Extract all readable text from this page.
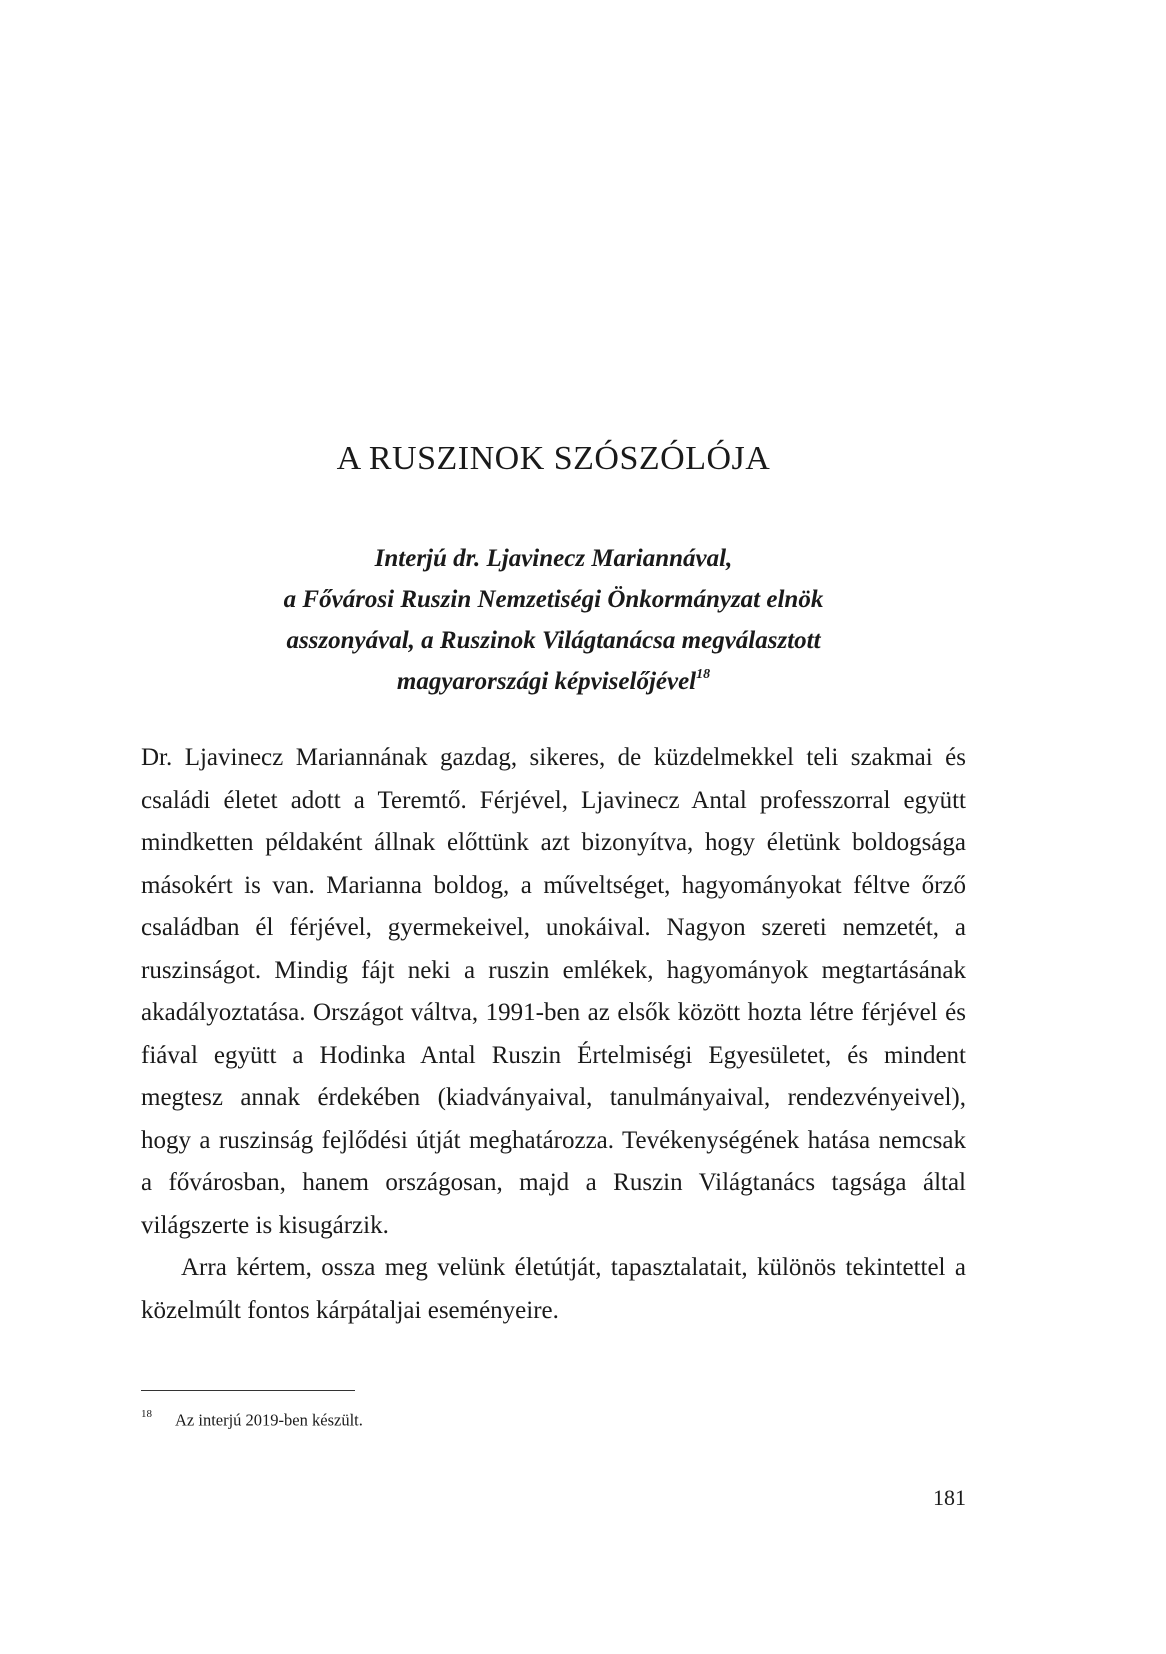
A RUSZINOK SZÓSZÓLÓJA
Interjú dr. Ljavinecz Mariannával,
a Fővárosi Ruszin Nemzetiségi Önkormányzat elnök
asszonyával, a Ruszinok Világtanácsa megválasztott
magyarországi képviselőjével$^{18}$

Dr. Ljavinecz Mariannának gazdag, sikeres, de küzdelmekkel teli szakmai és családi életet adott a Teremtő. Férjével, Ljavinecz Antal professzorral együtt mindketten példaként állnak előttünk azt bizonyítva, hogy életünk boldogsága másokért is van. Marianna boldog, a műveltséget, hagyományokat féltve őrző családban él férjével, gyermekeivel, unokáival. Nagyon szereti nemzetét, a ruszinságot. Mindig fájt neki a ruszin emlékek, hagyományok megtartásának akadályoztatása. Országot váltva, 1991-ben az elsők között hozta létre férjével és fiával együtt a Hodinka Antal Ruszin Értelmiségi Egyesületet, és mindent megtesz annak érdekében (kiadványaival, tanulmányaival, rendezvényeivel), hogy a ruszinság fejlődési útját meghatározza. Tevékenységének hatása nemcsak a fővárosban, hanem országosan, majd a Ruszin Világtanács tagsága által világszerte is kisugárzik.

Arra kértem, ossza meg velünk életútját, tapasztalatait, különös tekintettel a közelmúlt fontos kárpátaljai eseményeire.

18 Az interjú 2019-ben készült.
181
